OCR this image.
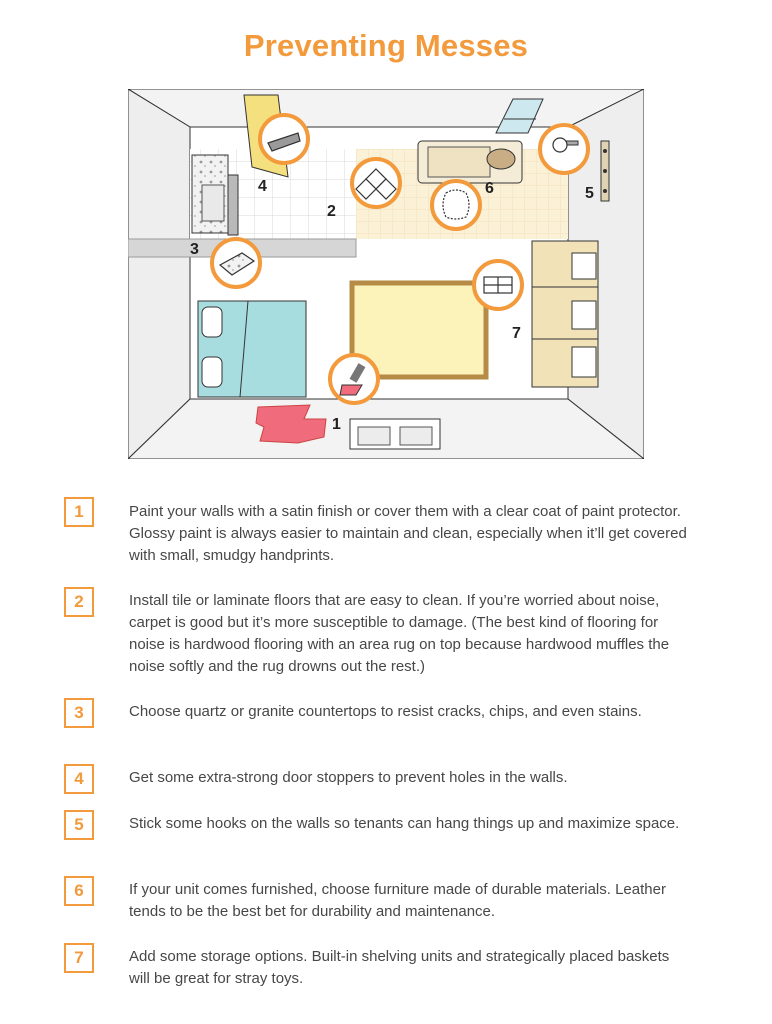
Preventing Messes
1
2
3
4	5
6
7
1	Paint your walls with a satin finish or cover them with a clear coat of paint protector. Glossy paint is always easier to maintain and clean, especially when it’ll get covered with small, smudgy handprints.
2	Install tile or laminate floors that are easy to clean. If you’re worried about noise, carpet is good but it’s more susceptible to damage. (The best kind of flooring for noise is hardwood flooring with an area rug on top because hardwood muffles the noise softly and the rug drowns out the rest.)
3	Choose quartz or granite countertops to resist cracks, chips, and even stains.
4	Get some extra-strong door stoppers to prevent holes in the walls.
5	Stick some hooks on the walls so tenants can hang things up and maximize space.
6	If your unit comes furnished, choose furniture made of durable materials. Leather tends to be the best bet for durability and maintenance.
7	Add some storage options. Built-in shelving units and strategically placed baskets will be great for stray toys.
